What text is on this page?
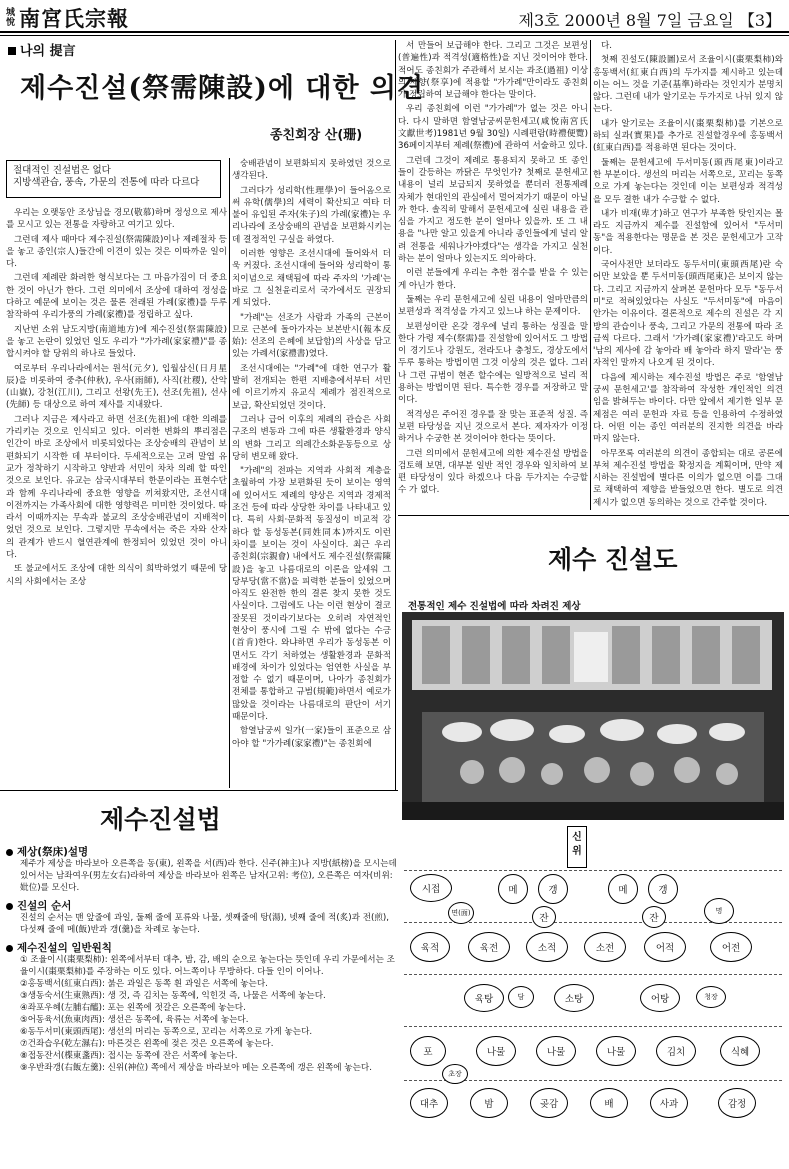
城
悅 南宮氏宗報	제3호 2000년 8월 7일 금요일 【3】
나의 提言
제수진설(祭需陳設)에 대한 의견
종친회장 산(珊)
절대적인 진설법은 없다
지방색관습, 풍속, 가문의 전통에 따라 다르다

우리는 오랫동안 조상님을 경모(敬慕)하며 정성으로 제사를 모시고 있는 전통을 자랑하고 여기고 있다.

그런데 제사 때마다 제수진설(祭需陳設)이나 제례절차 등을 놓고 종인(宗人)들간에 이견이 있는 것은 이따까운 일이다.

그런데 제례란 화려한 형식보다는 그 마음가짐이 더 중요한 것이 아닌가 한다. 그런 의미에서 조상에 대하여 정성을 다하고 예문에 보이는 것은 물론 전래된 가례(家禮)를 두루 참작하여 우리가풍의 가례(家禮)를 정립하고 싶다.

지난번 소위 남도지방(南道地方)에 제수진설(祭需陳設)을 놓고 논란이 있었던 일도 우리가 "가가례(家家禮)"를 종합시켜야 할 당위의 하나로 들었다.

여로부터 우리나라에서는 원석(元夕), 입월삼신(日月星辰)을 비롯하여 중추(仲秋), 우사(雨師), 사직(社稷), 산악(山嶽), 강천(江川), 그리고 선왕(先王), 선조(先祖), 선사(先師) 등 대상으로 하여 제사를 지내왔다.

그러나 지금은 제사라고 하면 선조(先祖)에 대한 의례를 가리키는 것으로 인식되고 있다. 이러한 변화의 뿌리점은 인간이 바로 조상에서 비롯되었다는 조상숭배의 관념이 보편화되기 시작한 데 부터이다. 두세적으로는 고려 말엽 유교가 정착하기 시작하고 양반과 서민이 차차 의례 할 따인 것으로 보인다. 유교는 삼국시대부터 한문이라는 표현수단과 함께 우리나라에 중요한 영향을 끼쳐왔지만, 조선시대 이전까지는 가족사회에 대한 영향력은 미미한 것이었다. 따라서 이때까지는 무속과 불교의 조상숭배관념이 지배적이었던 것으로 보인다. 그렇지만 무속에서는 죽은 자와 산자의 관계가 반드시 혈연관계에 한정되어 있었던 것이 아니다.

또 불교에서도 조상에 대한 의식이 희박하였기 때문에 당시의 사회에서는 조상

숭배관념이 보편화되지 못하였던 것으로 생각된다.

그러다가 성리학(性理學)이 들어옴으로써 유학(儒學)의 세력이 확산되고 여타 더불어 유입된 주자(朱子)의 가례(家禮)는 우리나라에 조상숭배의 관념을 보편화시키는 데 결정적인 구실을 하였다.

이러한 영향은 조선시대에 들어와서 더욱 커졌다. 조선시대에 들어와 성리학이 통치이념으로 채택됨에 따라 주자의 '가례'는 바로 그 실천윤리로서 국가에서도 권장되게 되었다.

"가례"는 선조가 사람과 가족의 근본이므로 근본에 돌아가자는 보본반시(報本反始): 선조의 은혜에 보답함)의 사상을 담고 있는 가례서(家禮書)였다.

조선시대에는 "가례"에 대한 연구가 활발히 전개되는 한편 지배층에서부터 서민에 이르기까지 유교식 제례가 점진적으로 보급, 확산되었던 것이다.

그러나 급어 이후의 제례의 관습은 사회구조의 변동과 그에 따른 생활환경과 양식의 변화 그리고 의례간소화운동등으로 상당히 변모해 왔다.

"가례"의 전파는 지역과 사회적 계층을 초월하여 가장 보편화된 듯이 보이는 영역에 있어서도 제례의 양상은 지역과 경제적 조건 등에 따라 상당한 차이를 나타내고 있다. 특히 사회·문화적 동질성이 비교적 강하다 할 동성동본(同姓同本)까지도 이런 차이를 보이는 것이 사실이다. 최근 우리 종친회(宗親會) 내에서도 제수진설(祭需陳設)을 놓고 나름대로의 이론을 앞세워 그 당부당(當不當)을 피력한 분들이 있었으며 아직도 완전한 한의 결론 찾지 못한 것도 사실이다. 그럼에도 나는 이런 현상이 결코 잘못된 것이라기보다는 오히려 자연적인 현상이 풍시에 그릴 수 밖에 없다는 수긍(首肯)한다. 와냐하면 우리가 동성동본 이면서도 각기 처하였는 생활환경과 문화적 배경에 차이가 있었다는 엄연한 사실을 부정할 수 없기 때문이며, 나아가 종친회가 전체를 통합하고 규범(規範)하면서 예로가 많았을 것이라는 나름대로의 판단이 서기 때문이다.

함열남궁씨 일가(一家)들이 표준으로 삼아야 할 "가가례(家家禮)"는 종친회에

서 만들어 보급해야 한다. 그리고 그것은 보편성(普遍性)과 적격성(適格性)을 지닌 것이어야 한다. 적어도 종친회가 주관해서 보시는 과조(過祖) 이상의 제향(祭享)에 적용할 "가가례"만이라도 종친회가 정립하여 보급해야 한다는 말이다.

우리 종친회에 이런 "가가례"가 없는 것은 아니다. 다시 말하면 함열남궁씨문헌세고(咸悅南宮氏文獻世考)1981년 9월 30일) 시례편람(時禮便覽) 36페이지부터 제례(祭禮)에 관하여 서술하고 있다.

그런데 그것이 제례로 통용되지 못하고 또 종인들이 갈등하는 까닭은 무엇인가? 첫째로 문헌세고 내용이 널리 보급되지 못하였을 뿐더러 전통제례 자체가 현대인의 관심에서 멀어져가기 때문이 아닐까 한다. 솔직히 말해서 문헌세고에 실린 내용을 관심을 가지고 정도한 분이 얼마나 있을까. 또 그 내용을 "나만 알고 있을게 아니라 종인들에게 널리 알려 전통을 세워나가야겠다"는 생각을 가지고 실천하는 분이 얼마나 있는지도 의아하다.

이런 분들에게 우리는 추한 점수를 받을 수 있는 게 아닌가 한다.

둘째는 우리 문헌세고에 실린 내용이 얼마만큼의 보편성과 적격성을 가지고 있느냐 하는 문제이다.

보편성이란 온갖 경우에 널리 통하는 성질을 말한다 가령 제수(祭需)를 진설함에 있어서도 그 방법이 경기도나 강원도, 전라도나 충청도, 경상도에서 두루 통하는 방법이면 그것 이상의 것은 없다. 그러나 그런 규범이 현존 할수에는 일방적으로 널리 적용하는 방법이면 된다. 특수한 경우를 저장하고 말이다.

적격성은 주어진 경우를 잘 맞는 표준적 성질. 즉 보편 타당성을 지닌 것으로서 본다. 제자자가 이정하거나 수궁한 본 것이어야 한다는 뜻이다.

그런 의미에서 문헌세고에 의한 제수진설 방법을 검토해 보면, 대부분 일반 적인 경우와 일치하여 보편 타당성이 있다 하겠으나 다음 두가지는 수긍할 수 가 없다.

다.

첫째 진설도(陳設圖)로서 조율이시(棗栗梨柿)와 홍동백서(紅東白西)의 두가지를 제시하고 있는데 이는 어느 것을 기준(基準)하라는 것인지가 분명치 않다. 그런데 내가 알기로는 두가지로 나뉘 있지 않는다.

내가 알기로는 조율이시(棗栗梨柿)를 기본으로 하되 실과(實果)를 추가로 진설할경우에 홍동백서(紅東白西)를 적용하면 된다는 것이다.

둘째는 문헌세고에 두서미동(頭西尾東)이라고 한 부분이다. 생선의 머리는 서쪽으로, 꼬리는 동쪽으로 가게 놓는다는 것인데 이는 보편성과 적격성을 모두 결한 내가 수긍할 수 없다.

내가 비재(卑才)하고 연구가 부족한 탓인지는 몰라도 지금까지 제수를 진설함에 있어서 "두서미동"을 적용한다는 명문을 본 것은 문헌세고가 고작이다.

국어사전만 보더라도 동두서미(東頭西尾)란 숙어만 보았을 뿐 두서미동(頭西尾東)은 보이지 않는다. 그리고 지금까지 살펴본 문헌마다 모두 "동두서미"로 적혀있었다는 사실도 "두서미동"에 마음이 안가는 이유이다. 결론적으로 제수의 진설은 각 지방의 관습이나 풍속, 그리고 가문의 전통에 따라 조금씩 다르다. 그래서 '가가례(家家禮)'라고도 하며 '남의 제사에 감 놓아라 배 놓아라 하지 말라'는 풍자적인 말까지 나오게 된 것이다.

다음에 제시하는 제수진설 방법은 주로 '함열남궁씨 문헌세고'를 참작하여 작성한 개인적인 의견임을 밝혀두는 바이다. 다만 앞에서 제기한 일부 문제점은 여러 문헌과 자료 등을 인용하여 수정하였다. 어떤 이는 종인 여러분의 진지한 의견을 바라 마지 않는다.

아무쪼록 여러분의 의견이 종합되는 대로 공론에 부쳐 제수진설 방법을 확정지을 계획이며, 만약 제시하는 진설법에 별다른 이의가 없으면 이를 그대로 채택하여 제향을 받들었으면 한다. 별도로 의견제시가 없으면 동의하는 것으로 간주할 것이다.

제수진설법
제상(祭床)설명
제주가 제상을 바라보아 오른쪽을 동(東), 왼쪽을 서(西)라 한다. 신주(神主)나 지방(紙榜)을 모시는데 있어서는 남좌여우(男左女右)라하여 제상을 바라보아 왼쪽은 남자(고위: 考位), 오른쪽은 여자(비위: 妣位)를 모신다.
진설의 순서
진설의 순서는 맨 앞줄에 과일, 둘째 줄에 포류와 나물, 셋째줄에 탕(湯), 넷째 줄에 적(炙)과 전(煎), 다섯째 줄에 메(飯)반과 갱(羹)을 차례로 놓는다.
제수진설의 일반원칙
① 조율이시(棗栗梨柿): 왼쪽에서부터 대추, 밤, 감, 배의 순으로 놓는다는 뜻인데 우리 가문에서는 조율이시(棗栗梨柿)를 주장하는 이도 있다. 어느쪽이나 무방하다. 다들 인이 이어나.
②홍동백서(紅東白西): 붉은 과일은 동쪽 흰 과일은 서쪽에 놓는다.
③생동숙서(生東熟西): 생 것, 즉 김치는 동쪽에, 익힌것 즉, 나물은 서쪽에 놓는다.
④좌포우혜(左脯右醯): 포는 왼쪽에 젓갈은 오른쪽에 놓는다.
⑤어동육서(魚東肉西): 생선은 동쪽에, 육류는 서쪽에 놓는다.
⑥동두서미(東頭西尾): 생선의 머리는 동쪽으로, 꼬리는 서쪽으로 가게 놓는다.
⑦건좌습우(乾左濕右): 마른것은 왼쪽에 젖은 것은 오른쪽에 놓는다.
⑧접동잔서(楪東盞西): 접시는 동쪽에 잔은 서쪽에 놓는다.
⑨우반좌갱(右飯左羹): 신위(神位) 쪽에서 제상을 바라보아 메는 오른쪽에 갱은 왼쪽에 놓는다.
제수 진설도
전통적인 제수 진설법에 따라 차려진 제상
신
위
시접	메	갱	메	갱
면(面)	잔	잔
명
육적	육전	소적	소전	어적	어전
육탕	소탕	어탕
담	청장
포	나물	나물	나물	김치	식혜
초장
대추	밤	곶감	배	사과	감정
